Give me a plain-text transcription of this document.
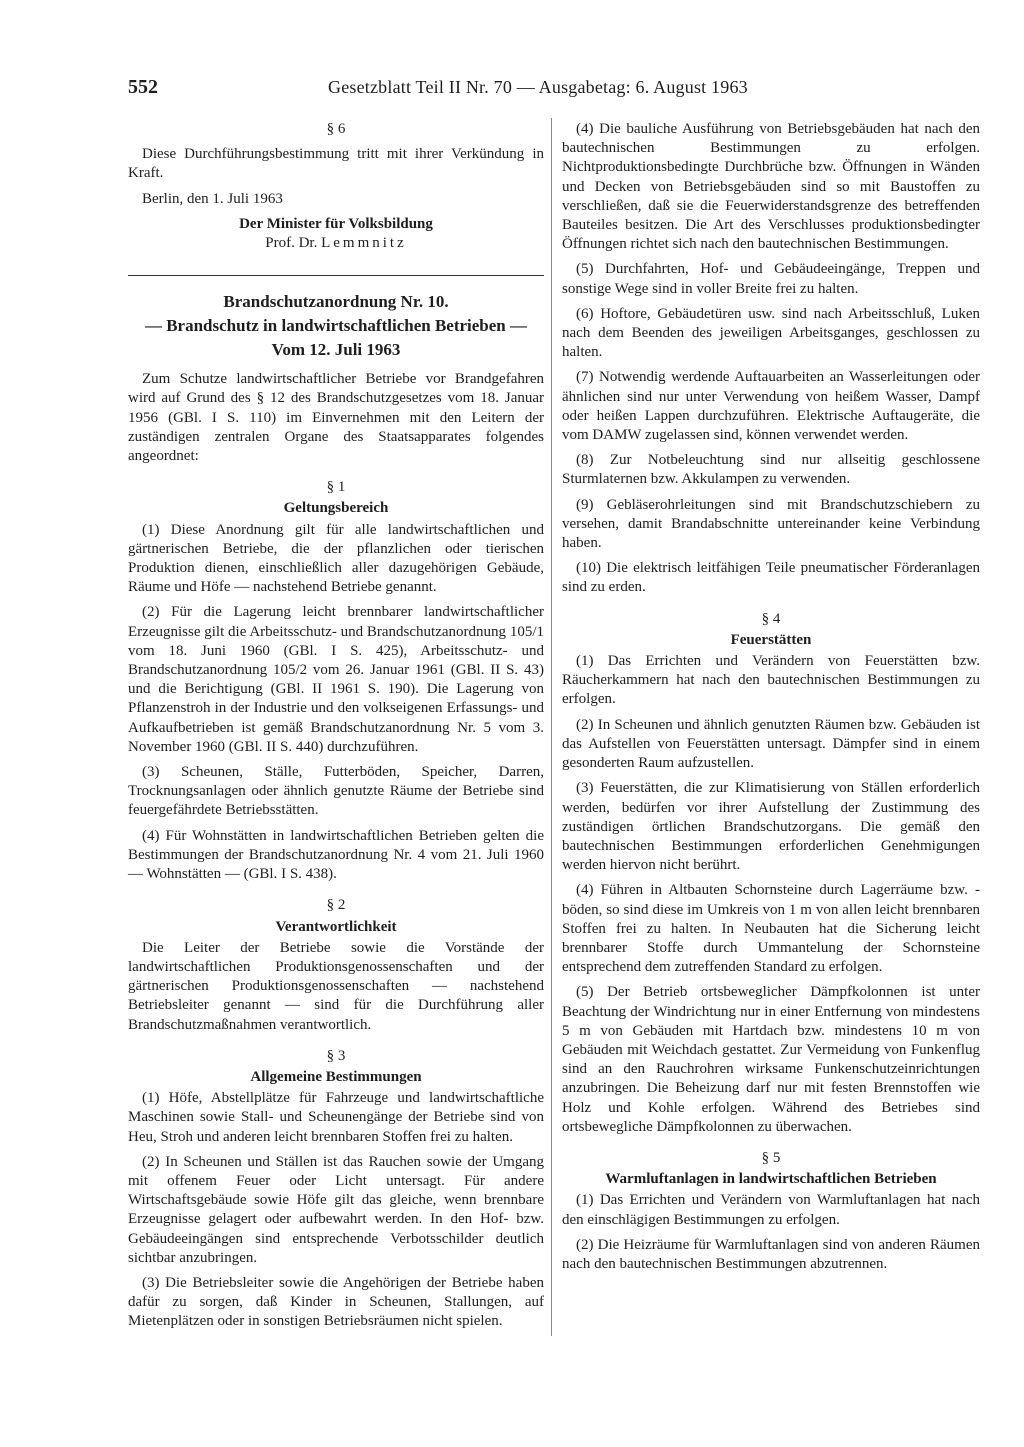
552	Gesetzblatt Teil II Nr. 70 — Ausgabetag: 6. August 1963

§ 6

Diese Durchführungsbestimmung tritt mit ihrer Verkündung in Kraft.

Berlin, den 1. Juli 1963

Der Minister für Volksbildung

Prof. Dr. Lemmnitz

Brandschutzanordnung Nr. 10.

— Brandschutz in landwirtschaftlichen Betrieben —

Vom 12. Juli 1963

Zum Schutze landwirtschaftlicher Betriebe vor Brandgefahren wird auf Grund des § 12 des Brandschutzgesetzes vom 18. Januar 1956 (GBl. I S. 110) im Einvernehmen mit den Leitern der zuständigen zentralen Organe des Staatsapparates folgendes angeordnet:

§ 1

Geltungsbereich

(1) Diese Anordnung gilt für alle landwirtschaftlichen und gärtnerischen Betriebe, die der pflanzlichen oder tierischen Produktion dienen, einschließlich aller dazugehörigen Gebäude, Räume und Höfe — nachstehend Betriebe genannt.

(2) Für die Lagerung leicht brennbarer landwirtschaftlicher Erzeugnisse gilt die Arbeitsschutz- und Brandschutzanordnung 105/1 vom 18. Juni 1960 (GBl. I S. 425), Arbeitsschutz- und Brandschutzanordnung 105/2 vom 26. Januar 1961 (GBl. II S. 43) und die Berichtigung (GBl. II 1961 S. 190). Die Lagerung von Pflanzenstroh in der Industrie und den volkseigenen Erfassungs- und Aufkaufbetrieben ist gemäß Brandschutzanordnung Nr. 5 vom 3. November 1960 (GBl. II S. 440) durchzuführen.

(3) Scheunen, Ställe, Futterböden, Speicher, Darren, Trocknungsanlagen oder ähnlich genutzte Räume der Betriebe sind feuergefährdete Betriebsstätten.

(4) Für Wohnstätten in landwirtschaftlichen Betrieben gelten die Bestimmungen der Brandschutzanordnung Nr. 4 vom 21. Juli 1960 — Wohnstätten — (GBl. I S. 438).

§ 2

Verantwortlichkeit

Die Leiter der Betriebe sowie die Vorstände der landwirtschaftlichen Produktionsgenossenschaften und der gärtnerischen Produktionsgenossenschaften — nachstehend Betriebsleiter genannt — sind für die Durchführung aller Brandschutzmaßnahmen verantwortlich.

§ 3

Allgemeine Bestimmungen

(1) Höfe, Abstellplätze für Fahrzeuge und landwirtschaftliche Maschinen sowie Stall- und Scheunengänge der Betriebe sind von Heu, Stroh und anderen leicht brennbaren Stoffen frei zu halten.

(2) In Scheunen und Ställen ist das Rauchen sowie der Umgang mit offenem Feuer oder Licht untersagt. Für andere Wirtschaftsgebäude sowie Höfe gilt das gleiche, wenn brennbare Erzeugnisse gelagert oder aufbewahrt werden. In den Hof- bzw. Gebäudeeingängen sind entsprechende Verbotsschilder deutlich sichtbar anzubringen.

(3) Die Betriebsleiter sowie die Angehörigen der Betriebe haben dafür zu sorgen, daß Kinder in Scheunen, Stallungen, auf Mietenplätzen oder in sonstigen Betriebsräumen nicht spielen.

(4) Die bauliche Ausführung von Betriebsgebäuden hat nach den bautechnischen Bestimmungen zu erfolgen. Nichtproduktionsbedingte Durchbrüche bzw. Öffnungen in Wänden und Decken von Betriebsgebäuden sind so mit Baustoffen zu verschließen, daß sie die Feuerwiderstandsgrenze des betreffenden Bauteiles besitzen. Die Art des Verschlusses produktionsbedingter Öffnungen richtet sich nach den bautechnischen Bestimmungen.

(5) Durchfahrten, Hof- und Gebäudeeingänge, Treppen und sonstige Wege sind in voller Breite frei zu halten.

(6) Hoftore, Gebäudetüren usw. sind nach Arbeitsschluß, Luken nach dem Beenden des jeweiligen Arbeitsganges, geschlossen zu halten.

(7) Notwendig werdende Auftauarbeiten an Wasserleitungen oder ähnlichen sind nur unter Verwendung von heißem Wasser, Dampf oder heißen Lappen durchzuführen. Elektrische Auftaugeräte, die vom DAMW zugelassen sind, können verwendet werden.

(8) Zur Notbeleuchtung sind nur allseitig geschlossene Sturmlaternen bzw. Akkulampen zu verwenden.

(9) Gebläserohrleitungen sind mit Brandschutzschiebern zu versehen, damit Brandabschnitte untereinander keine Verbindung haben.

(10) Die elektrisch leitfähigen Teile pneumatischer Förderanlagen sind zu erden.

§ 4

Feuerstätten

(1) Das Errichten und Verändern von Feuerstätten bzw. Räucherkammern hat nach den bautechnischen Bestimmungen zu erfolgen.

(2) In Scheunen und ähnlich genutzten Räumen bzw. Gebäuden ist das Aufstellen von Feuerstätten untersagt. Dämpfer sind in einem gesonderten Raum aufzustellen.

(3) Feuerstätten, die zur Klimatisierung von Ställen erforderlich werden, bedürfen vor ihrer Aufstellung der Zustimmung des zuständigen örtlichen Brandschutzorgans. Die gemäß den bautechnischen Bestimmungen erforderlichen Genehmigungen werden hiervon nicht berührt.

(4) Führen in Altbauten Schornsteine durch Lagerräume bzw. -böden, so sind diese im Umkreis von 1 m von allen leicht brennbaren Stoffen frei zu halten. In Neubauten hat die Sicherung leicht brennbarer Stoffe durch Ummantelung der Schornsteine entsprechend dem zutreffenden Standard zu erfolgen.

(5) Der Betrieb ortsbeweglicher Dämpfkolonnen ist unter Beachtung der Windrichtung nur in einer Entfernung von mindestens 5 m von Gebäuden mit Hartdach bzw. mindestens 10 m von Gebäuden mit Weichdach gestattet. Zur Vermeidung von Funkenflug sind an den Rauchrohren wirksame Funkenschutzeinrichtungen anzubringen. Die Beheizung darf nur mit festen Brennstoffen wie Holz und Kohle erfolgen. Während des Betriebes sind ortsbewegliche Dämpfkolonnen zu überwachen.

§ 5

Warmluftanlagen in landwirtschaftlichen Betrieben

(1) Das Errichten und Verändern von Warmluftanlagen hat nach den einschlägigen Bestimmungen zu erfolgen.

(2) Die Heizräume für Warmluftanlagen sind von anderen Räumen nach den bautechnischen Bestimmungen abzutrennen.
